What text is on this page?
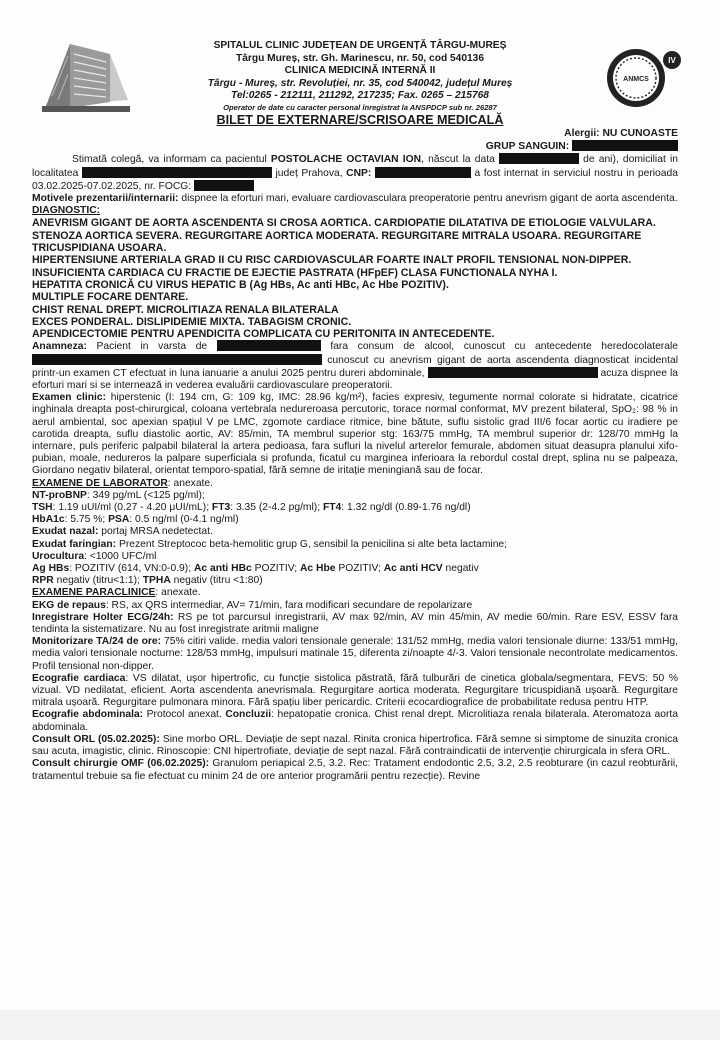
ANMCS
IV
SPITALUL CLINIC JUDEȚEAN DE URGENȚĂ TÂRGU-MUREȘ
Târgu Mureș, str. Gh. Marinescu, nr. 50, cod 540136
CLINICA MEDICINĂ INTERNĂ II
Târgu - Mureș, str. Revoluției, nr. 35, cod 540042, județul Mureș
Tel:0265 - 212111, 211292, 217235; Fax. 0265 – 215768
Operator de date cu caracter personal înregistrat la ANSPDCP sub nr. 26287
BILET DE EXTERNARE/SCRISOARE MEDICALĂ

Alergii: NU CUNOASTE

GRUP SANGUIN:

Stimată colegă, va informam ca pacientul POSTOLACHE OCTAVIAN ION, născut la data	de ani), domiciliat in localitatea	județ Prahova, CNP:	a fost internat in serviciul nostru in perioada 03.02.2025-07.02.2025, nr. FOCG:

Motivele prezentarii/internarii: dispnee la eforturi mari, evaluare cardiovasculara preoperatorie pentru anevrism gigant de aorta ascendenta.

DIAGNOSTIC:

ANEVRISM GIGANT DE AORTA ASCENDENTA SI CROSA AORTICA. CARDIOPATIE DILATATIVA DE ETIOLOGIE VALVULARA.

STENOZA AORTICA SEVERA. REGURGITARE AORTICA MODERATA. REGURGITARE MITRALA USOARA. REGURGITARE TRICUSPIDIANA USOARA.

HIPERTENSIUNE ARTERIALA GRAD II CU RISC CARDIOVASCULAR FOARTE INALT PROFIL TENSIONAL NON-DIPPER.

INSUFICIENTA CARDIACA CU FRACTIE DE EJECTIE PASTRATA (HFpEF) CLASA FUNCTIONALA NYHA I.

HEPATITA CRONICĂ CU VIRUS HEPATIC B (Ag HBs, Ac anti HBc, Ac Hbe POZITIV).

MULTIPLE FOCARE DENTARE.

CHIST RENAL DREPT. MICROLITIAZA RENALA BILATERALA

EXCES PONDERAL. DISLIPIDEMIE MIXTA. TABAGISM CRONIC.

APENDICECTOMIE PENTRU APENDICITA COMPLICATA CU PERITONITA IN ANTECEDENTE.

Anamneza: Pacient in varsta de	fara consum de alcool, cunoscut cu antecedente heredocolaterale  cunoscut cu anevrism gigant de aorta ascendenta diagnosticat incidental printr-un examen CT efectuat in luna ianuarie a anului 2025 pentru dureri abdominale,	acuza dispnee la eforturi mari si se internează in vederea evaluării cardiovasculare preoperatorii.

Examen clinic: hiperstenic (I: 194 cm, G: 109 kg, IMC: 28.96 kg/m²), facies expresiv, tegumente normal colorate si hidratate, cicatrice inghinala dreapta post-chirurgical, coloana vertebrala nedureroasa percutoric, torace normal conformat, MV prezent bilateral, SpO₂: 98 % in aerul ambiental, soc apexian spațiul V pe LMC, zgomote cardiace ritmice, bine bătute, suflu sistolic grad III/6 focar aortic cu iradiere pe carotida dreapta, suflu diastolic aortic, AV: 85/min, TA membrul superior stg: 163/75 mmHg, TA membrul superior dr: 128/70 mmHg la internare, puls periferic palpabil bilateral la artera pedioasa, fara sufluri la nivelul arterelor femurale, abdomen situat deasupra planului xifo-pubian, moale, nedureros la palpare superficiala si profunda, ficatul cu marginea inferioara la rebordul costal drept, splina nu se palpeaza, Giordano negativ bilateral, orientat temporo-spatial, fără semne de iritație meningiană sau de focar.

EXAMENE DE LABORATOR: anexate.

NT-proBNP: 349 pg/mL (<125 pg/ml);

TSH: 1.19 uUI/ml (0.27 - 4.20 μUI/mL); FT3: 3.35 (2-4.2 pg/ml); FT4: 1.32 ng/dl (0.89-1.76 ng/dl)

HbA1c: 5.75 %; PSA: 0.5 ng/ml (0-4.1 ng/ml)

Exudat nazal: portaj MRSA nedetectat.

Exudat faringian: Prezent Streptococ beta-hemolitic grup G, sensibil la penicilina si alte beta lactamine;

Urocultura: <1000 UFC/ml

Ag HBs: POZITIV (614, VN:0-0.9); Ac anti HBc POZITIV; Ac Hbe POZITIV; Ac anti HCV negativ

RPR negativ (titru<1:1); TPHA negativ (titru <1:80)

EXAMENE PARACLINICE: anexate.

EKG de repaus: RS, ax QRS intermediar, AV= 71/min, fara modificari secundare de repolarizare

Inregistrare Holter ECG/24h: RS pe tot parcursul inregistrarii, AV max 92/min, AV min 45/min, AV medie 60/min. Rare ESV, ESSV fara tendinta la sistematizare. Nu au fost inregistrate aritmii maligne

Monitorizare TA/24 de ore: 75% citiri valide. media valori tensionale generale: 131/52 mmHg, media valori tensionale diurne: 133/51 mmHg, media valori tensionale nocturne: 128/53 mmHg, impulsuri matinale 15, diferenta zi/noapte 4/-3. Valori tensionale necontrolate medicamentos. Profil tensional non-dipper.

Ecografie cardiaca: VS dilatat, ușor hipertrofic, cu funcție sistolica păstrată, fără tulburări de cinetica globala/segmentara, FEVS: 50 % vizual. VD nedilatat, eficient. Aorta ascendenta anevrismala. Regurgitare aortica moderata. Regurgitare tricuspidiană ușoară. Regurgitare mitrala ușoară. Regurgitare pulmonara minora. Fără spațiu liber pericardic. Criterii ecocardiografice de probabilitate redusa pentru HTP.

Ecografie abdominala: Protocol anexat. Concluzii: hepatopatie cronica. Chist renal drept. Microlitiaza renala bilaterala. Ateromatoza aorta abdominala.

Consult ORL (05.02.2025): Sine morbo ORL. Deviație de sept nazal. Rinita cronica hipertrofica. Fără semne si simptome de sinuzita cronica sau acuta, imagistic, clinic. Rinoscopie: CNI hipertrofiate, deviație de sept nazal. Fără contraindicatii de intervenție chirurgicala in sfera ORL.

Consult chirurgie OMF (06.02.2025): Granulom periapical 2.5, 3.2. Rec: Tratament endodontic 2.5, 3.2, 2.5 reobturare (in cazul reobturării, tratamentul trebuie sa fie efectuat cu minim 24 de ore anterior programării pentru rezecție). Revine
